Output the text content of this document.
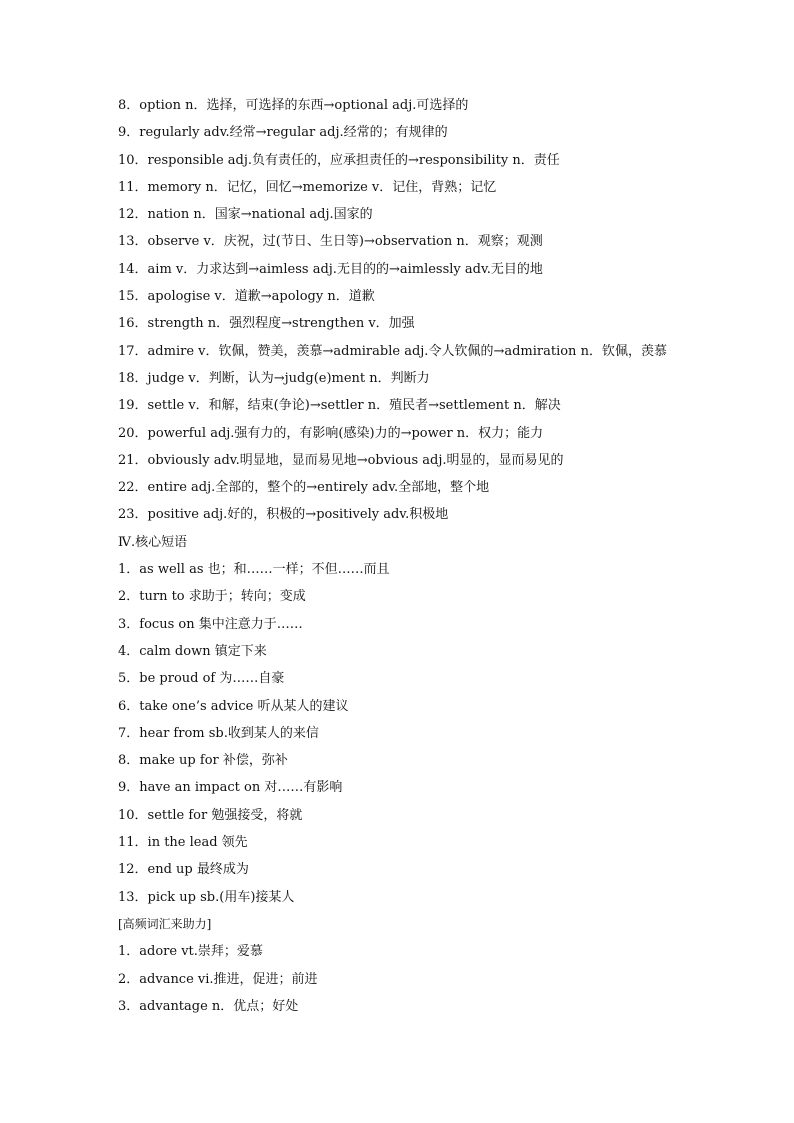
8．option n．选择，可选择的东西→optional adj.可选择的
9．regularly adv.经常→regular adj.经常的；有规律的
10．responsible adj.负有责任的，应承担责任的→responsibility n．责任
11．memory n．记忆，回忆→memorize v．记住，背熟；记忆
12．nation n．国家→national adj.国家的
13．observe v．庆祝，过(节日、生日等)→observation n．观察；观测
14．aim v．力求达到→aimless adj.无目的的→aimlessly adv.无目的地
15．apologise v．道歉→apology n．道歉
16．strength n．强烈程度→strengthen v．加强
17．admire v．钦佩，赞美，羡慕→admirable adj.令人钦佩的→admiration n．钦佩，羡慕
18．judge v．判断，认为→judg(e)ment n．判断力
19．settle v．和解，结束(争论)→settler n．殖民者→settlement n．解决
20．powerful adj.强有力的，有影响(感染)力的→power n．权力；能力
21．obviously adv.明显地，显而易见地→obvious adj.明显的，显而易见的
22．entire adj.全部的，整个的→entirely adv.全部地，整个地
23．positive adj.好的，积极的→positively adv.积极地
Ⅳ.核心短语
1．as well as 也；和……一样；不但……而且
2．turn to 求助于；转向；变成
3．focus on 集中注意力于……
4．calm down 镇定下来
5．be proud of 为……自豪
6．take one’s advice 听从某人的建议
7．hear from sb.收到某人的来信
8．make up for 补偿，弥补
9．have an impact on 对……有影响
10．settle for 勉强接受，将就
11．in the lead 领先
12．end up 最终成为
13．pick up sb.(用车)接某人
[高频词汇来助力]
1．adore vt.崇拜；爱慕
2．advance vi.推进，促进；前进
3．advantage n．优点；好处
